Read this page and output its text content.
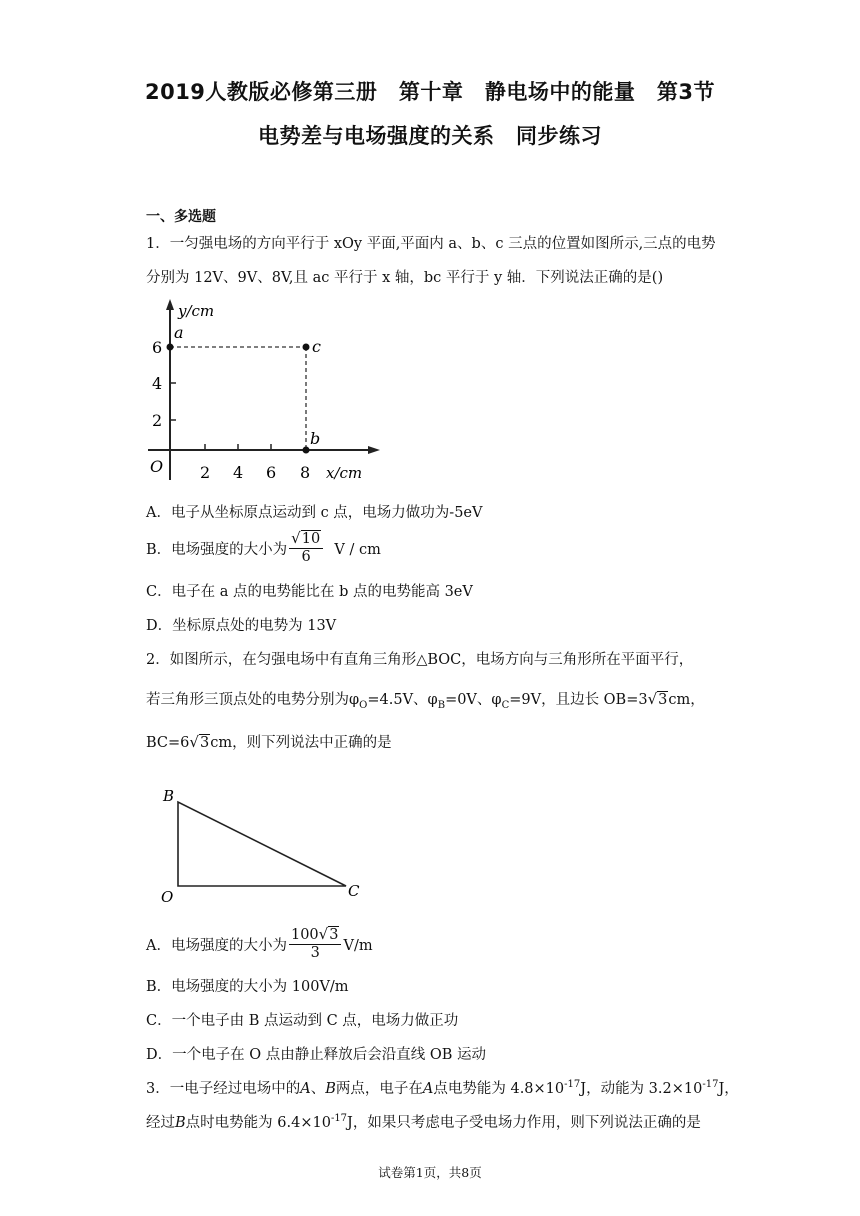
2019人教版必修第三册　第十章　静电场中的能量　第3节
电势差与电场强度的关系　同步练习
一、多选题
1．一匀强电场的方向平行于 xOy 平面,平面内 a、b、c 三点的位置如图所示,三点的电势
分别为 12V、9V、8V,且 ac 平行于 x 轴，bc 平行于 y 轴．下列说法正确的是()
y/cm
x/cm
O
2
4
6
2 4 6 8
a
c
b
A．电子从坐标原点运动到 c 点，电场力做功为-5eV
B．电场强度的大小为 $\frac{√10}{6}$ V / cm
C．电子在 a 点的电势能比在 b 点的电势能高 3eV
D．坐标原点处的电势为 13V
2．如图所示，在匀强电场中有直角三角形△BOC，电场方向与三角形所在平面平行，
若三角形三顶点处的电势分别为$\varphi_O=4.5V$、$\varphi_B=0V$、$\varphi_C=9V$，且边长 OB=3√3cm，
BC=6√3cm，则下列说法中正确的是
B
O	C
A．电场强度的大小为 $\frac{100√3}{3} V/m$
B．电场强度的大小为 100V/m
C．一个电子由 B 点运动到 C 点，电场力做正功
D．一个电子在 O 点由静止释放后会沿直线 OB 运动
3．一电子经过电场中的A、B两点，电子在A点电势能为 $4.8\times 10^{-17}J$，动能为 $3.2\times 10^{-17}J$，
经过B点时电势能为 $6.4\times 10^{-17}J$，如果只考虑电子受电场力作用，则下列说法正确的是
试卷第1页，共8页
